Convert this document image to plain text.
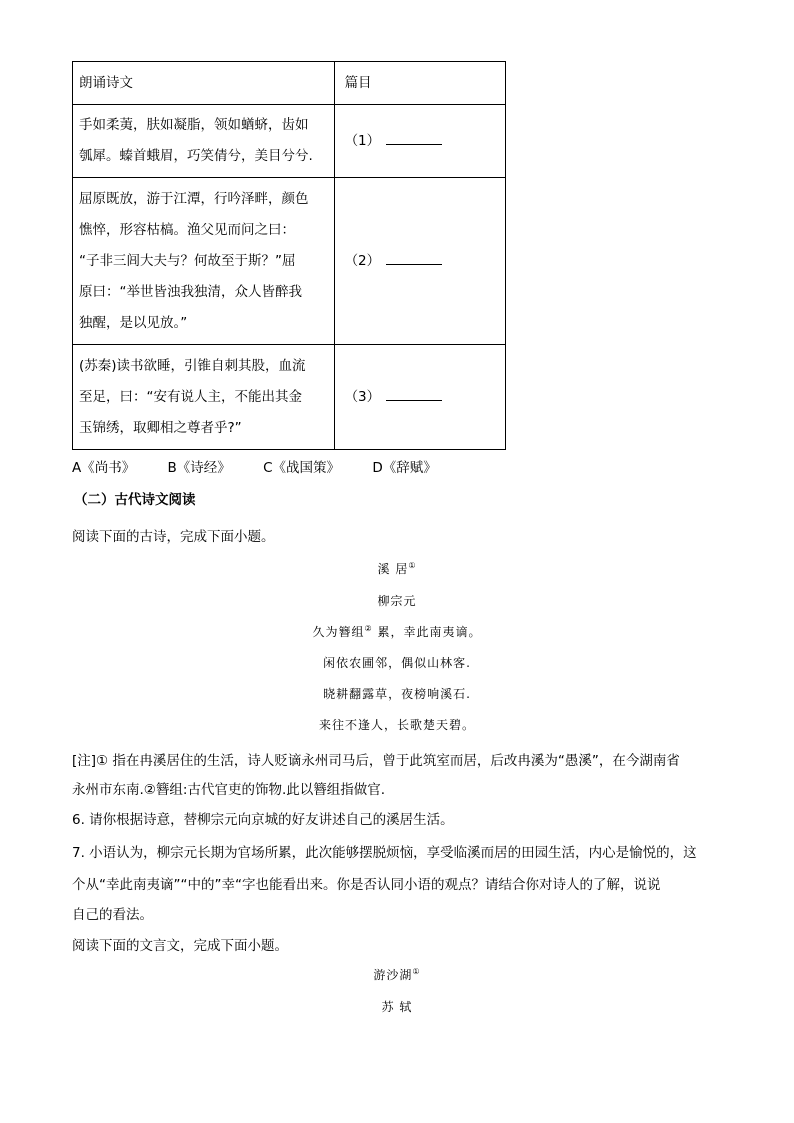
朗诵诗文	篇目

手如柔荑，肤如凝脂，领如蝤蛴，齿如
瓠犀。螓首蛾眉，巧笑倩兮，美目兮兮.	（1）

屈原既放，游于江潭，行吟泽畔，颜色
憔悴，形容枯槁。渔父见而问之曰：
“子非三闾大夫与？何故至于斯？”屈
原曰：“举世皆浊我独清，众人皆醉我
独醒，是以见放。”	（2）

(苏秦)读书欲睡，引锥自刺其股，血流
至足，曰：“安有说人主，不能出其金
玉锦绣，取卿相之尊者乎?”	（3）
A《尚书》 B《诗经》 C《战国策》 D《辞赋》
（二）古代诗文阅读
阅读下面的古诗，完成下面小题。
溪 居①
柳宗元
久为簪组② 累，幸此南夷谪。
闲依农圃邻，偶似山林客.
晓耕翻露草，夜榜响溪石.
来往不逢人，长歌楚天碧。
[注]① 指在冉溪居住的生活，诗人贬谪永州司马后，曾于此筑室而居，后改冉溪为“愚溪”，在今湖南省
永州市东南.②簪组:古代官吏的饰物.此以簪组指做官.
6. 请你根据诗意，替柳宗元向京城的好友讲述自己的溪居生活。
7. 小语认为，柳宗元长期为官场所累，此次能够摆脱烦恼，享受临溪而居的田园生活，内心是愉悦的，这
个从“幸此南夷谪”“中的”幸“字也能看出来。你是否认同小语的观点？请结合你对诗人的了解，说说
自己的看法。
阅读下面的文言文，完成下面小题。
游沙湖①
苏 轼
